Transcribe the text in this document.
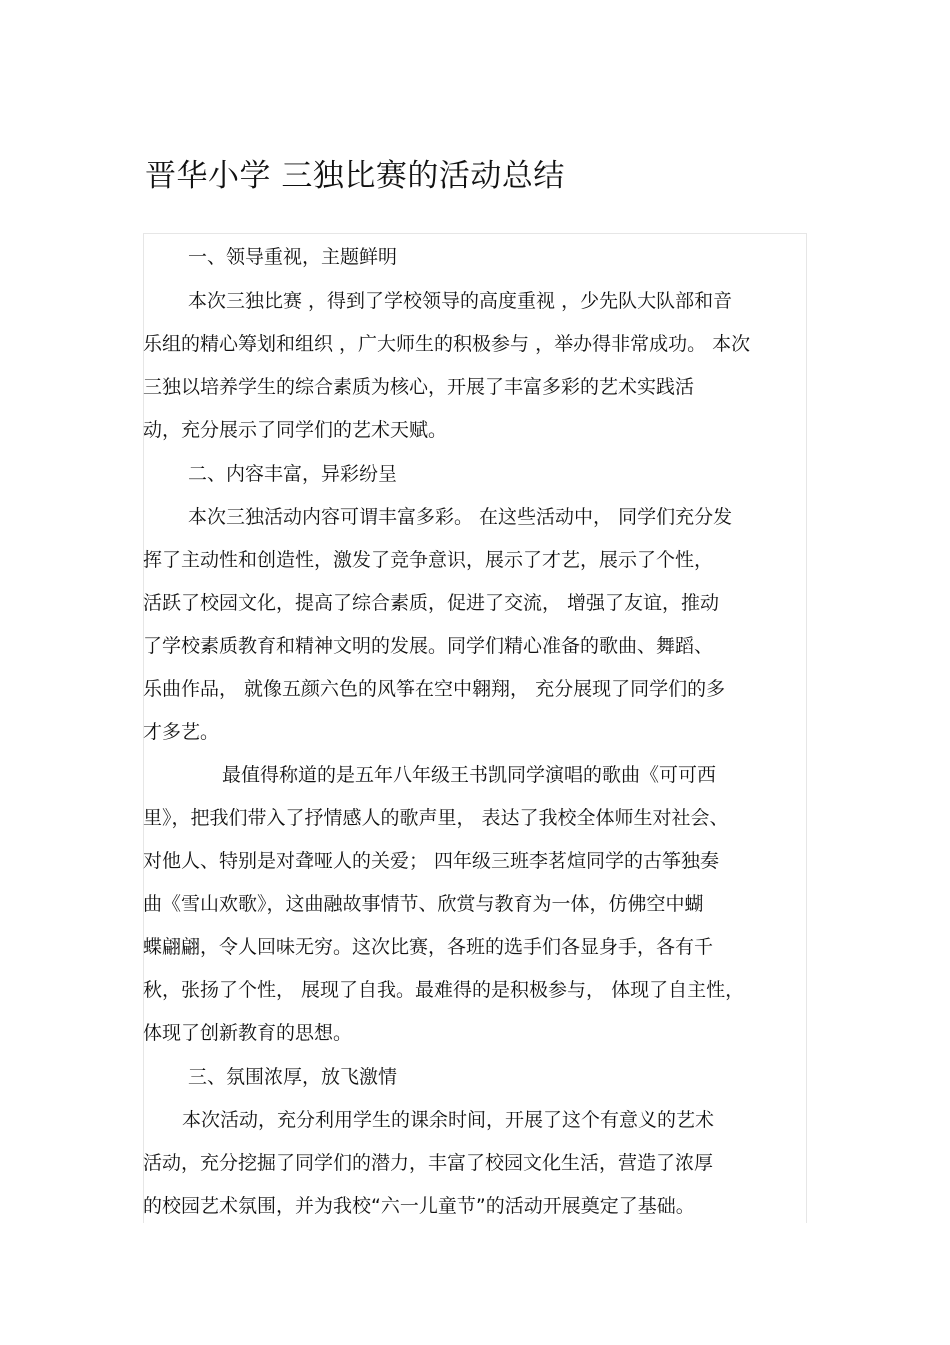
晋华小学 三独比赛的活动总结
一、领导重视，主题鲜明
本次三独比赛 ，得到了学校领导的高度重视 ，少先队大队部和音
乐组的精心筹划和组织 ，广大师生的积极参与 ，举办得非常成功。 本次
三独以培养学生的综合素质为核心，开展了丰富多彩的艺术实践活
动，充分展示了同学们的艺术天赋。
二、内容丰富，异彩纷呈
本次三独活动内容可谓丰富多彩。 在这些活动中， 同学们充分发
挥了主动性和创造性，激发了竞争意识，展示了才艺，展示了个性，
活跃了校园文化，提高了综合素质，促进了交流， 增强了友谊，推动
了学校素质教育和精神文明的发展。同学们精心准备的歌曲、舞蹈、
乐曲作品， 就像五颜六色的风筝在空中翱翔， 充分展现了同学们的多
才多艺。
最值得称道的是五年八年级王书凯同学演唱的歌曲《可可西
里》，把我们带入了抒情感人的歌声里， 表达了我校全体师生对社会、
对他人、特别是对聋哑人的关爱； 四年级三班李茗煊同学的古筝独奏
曲《雪山欢歌》，这曲融故事情节、欣赏与教育为一体，仿佛空中蝴
蝶翩翩，令人回味无穷。这次比赛，各班的选手们各显身手，各有千
秋，张扬了个性， 展现了自我。最难得的是积极参与， 体现了自主性，
体现了创新教育的思想。
三、氛围浓厚，放飞激情
本次活动，充分利用学生的课余时间，开展了这个有意义的艺术
活动，充分挖掘了同学们的潜力，丰富了校园文化生活，营造了浓厚
的校园艺术氛围，并为我校“六一儿童节”的活动开展奠定了基础。
